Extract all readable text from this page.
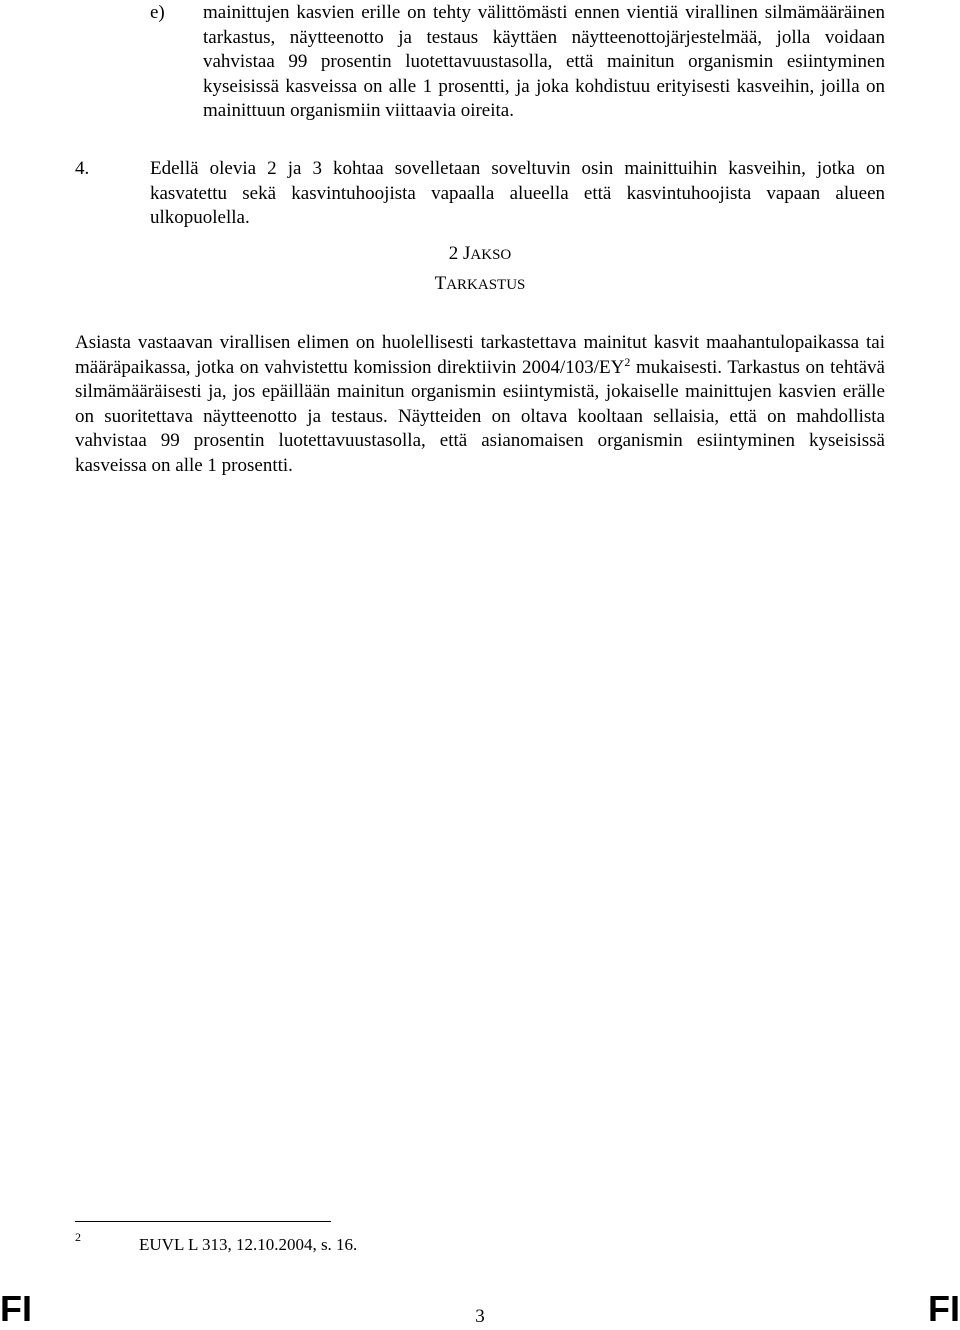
e) mainittujen kasvien erille on tehty välittömästi ennen vientiä virallinen silmämääräinen tarkastus, näytteenotto ja testaus käyttäen näytteenottojärjestelmää, jolla voidaan vahvistaa 99 prosentin luotettavuustasolla, että mainitun organismin esiintyminen kyseisissä kasveissa on alle 1 prosentti, ja joka kohdistuu erityisesti kasveihin, joilla on mainittuun organismiin viittaavia oireita.
4.	Edellä olevia 2 ja 3 kohtaa sovelletaan soveltuvin osin mainittuihin kasveihin, jotka on kasvatettu sekä kasvintuhoojista vapaalla alueella että kasvintuhoojista vapaan alueen ulkopuolella.
2 JAKSO
TARKASTUS
Asiasta vastaavan virallisen elimen on huolellisesti tarkastettava mainitut kasvit maahantulopaikassa tai määräpaikassa, jotka on vahvistettu komission direktiivin $2004/103/EY^2$ mukaisesti. Tarkastus on tehtävä silmämääräisesti ja, jos epäillään mainitun organismin esiintymistä, jokaiselle mainittujen kasvien erälle on suoritettava näytteenotto ja testaus. Näytteiden on oltava kooltaan sellaisia, että on mahdollista vahvistaa 99 prosentin luotettavuustasolla, että asianomaisen organismin esiintyminen kyseisissä kasveissa on alle 1 prosentti.
2	EUVL L 313, 12.10.2004, s. 16.
FI	3	FI
